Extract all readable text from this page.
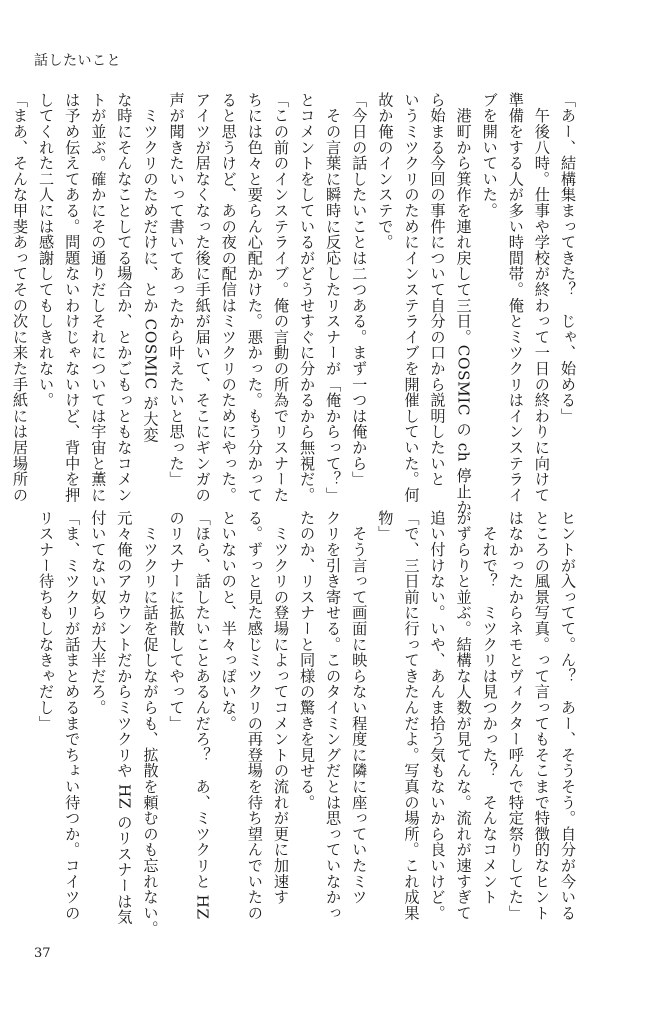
話したいこと
「あー、結構集まってきた？　じゃ、始める」
　午後八時。仕事や学校が終わって一日の終わりに向けて
準備をする人が多い時間帯。俺とミツクリはインステライ
ブを開いていた。
　港町から箕作を連れ戻して三日。COSMIC の ch 停止か
ら始まる今回の事件について自分の口から説明したいと
いうミツクリのためにインステライブを開催していた。何
故か俺のインステで。
「今日の話したいことは二つある。まず一つは俺から」
　その言葉に瞬時に反応したリスナーが「俺からって？」
とコメントをしているがどうせすぐに分かるから無視だ。
「この前のインステライブ。俺の言動の所為でリスナーた
ちには色々と要らん心配かけた。悪かった。もう分かって
ると思うけど、あの夜の配信はミツクリのためにやった。
アイツが居なくなった後に手紙が届いて、そこにギンガの
声が聞きたいって書いてあったから叶えたいと思った」
　ミツクリのためだけに、とか COSMIC が大変
な時にそんなことしてる場合か、とかごもっともなコメン
トが並ぶ。確かにその通りだしそれについては宇宙と薫に
は予め伝えてある。問題ないわけじゃないけど、背中を押
してくれた二人には感謝してもしきれない。
「まあ、そんな甲斐あってその次に来た手紙には居場所の
ヒントが入ってて。ん？　あー、そうそう。自分が今いる
ところの風景写真。って言ってもそこまで特徴的なヒント
はなかったからネモとヴィクター呼んで特定祭りしてた」
　それで？　ミツクリは見つかった？　そんなコメント
がずらりと並ぶ。結構な人数が見てんな。流れが速すぎて
追い付けない。いや、あんま拾う気もないから良いけど。
「で、三日前に行ってきたんだよ。写真の場所。これ成果
物」
　そう言って画面に映らない程度に隣に座っていたミツ
クリを引き寄せる。このタイミングだとは思っていなかっ
たのか、リスナーと同様の驚きを見せる。
　ミツクリの登場によってコメントの流れが更に加速す
る。ずっと見た感じミツクリの再登場を待ち望んでいたの
といないのと、半々っぽいな。
「ほら、話したいことあるんだろ？　あ、ミツクリと HZ
のリスナーに拡散してやって」
　ミツクリに話を促しながらも、拡散を頼むのも忘れない。
元々俺のアカウントだからミツクリや HZ のリスナーは気
付いてない奴らが大半だろ。
「ま、ミツクリが話まとめるまでちょい待つか。コイツの
リスナー待ちもしなきゃだし」
37
